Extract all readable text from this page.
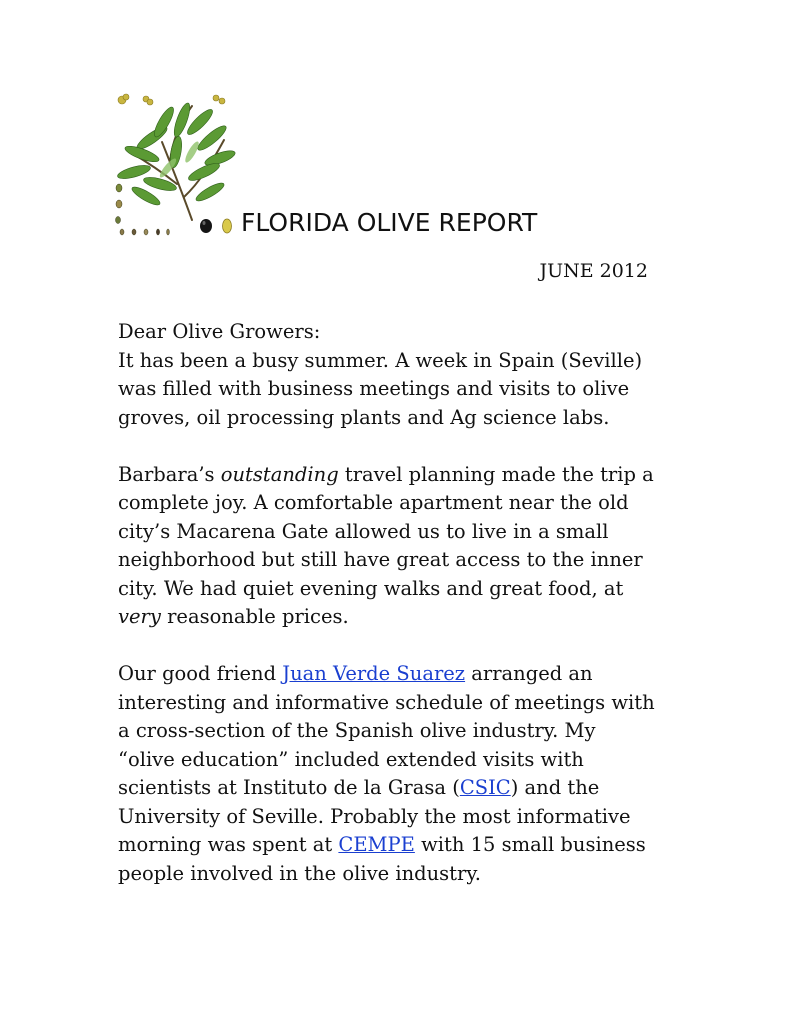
FLORIDA OLIVE REPORT
JUNE 2012

Dear Olive Growers:
It has been a busy summer. A week in Spain (Seville)
was filled with business meetings and visits to olive
groves, oil processing plants and Ag science labs.

Barbara’s outstanding travel planning made the trip a
complete joy. A comfortable apartment near the old
city’s Macarena Gate allowed us to live in a small
neighborhood but still have great access to the inner
city. We had quiet evening walks and great food, at
very reasonable prices.

Our good friend Juan Verde Suarez arranged an
interesting and informative schedule of meetings with
a cross-section of the Spanish olive industry. My
“olive education” included extended visits with
scientists at Instituto de la Grasa (CSIC) and the
University of Seville. Probably the most informative
morning was spent at CEMPE with 15 small business
people involved in the olive industry.
